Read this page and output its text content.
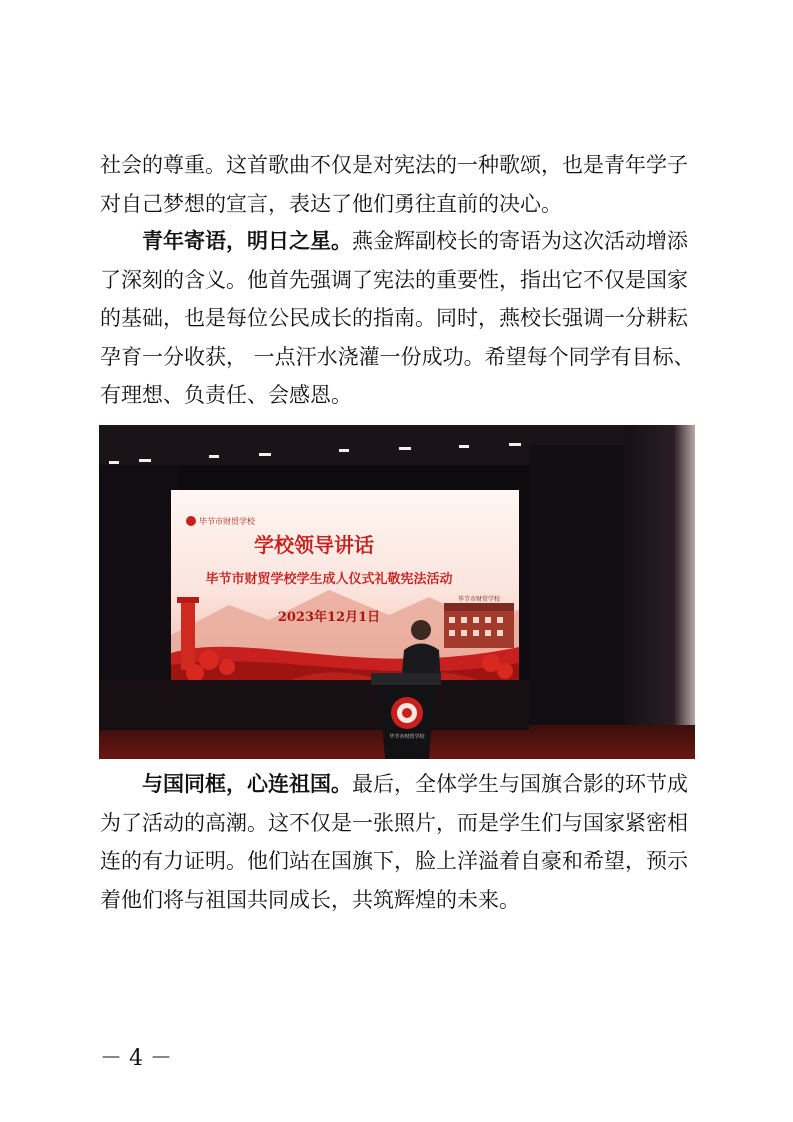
社会的尊重。这首歌曲不仅是对宪法的一种歌颂，也是青年学子对自己梦想的宣言，表达了他们勇往直前的决心。

青年寄语，明日之星。燕金辉副校长的寄语为这次活动增添了深刻的含义。他首先强调了宪法的重要性，指出它不仅是国家的基础，也是每位公民成长的指南。同时，燕校长强调一分耕耘孕育一分收获， 一点汗水浇灌一份成功。希望每个同学有目标、 有理想、负责任、会感恩。

毕节市财贸学校
毕节市财贸学校
学校领导讲话
毕节市财贸学校学生成人仪式礼敬宪法活动
2023年12月1日
毕节市财贸学校

与国同框，心连祖国。最后，全体学生与国旗合影的环节成为了活动的高潮。这不仅是一张照片，而是学生们与国家紧密相连的有力证明。他们站在国旗下，脸上洋溢着自豪和希望，预示着他们将与祖国共同成长，共筑辉煌的未来。

－ 4 －
